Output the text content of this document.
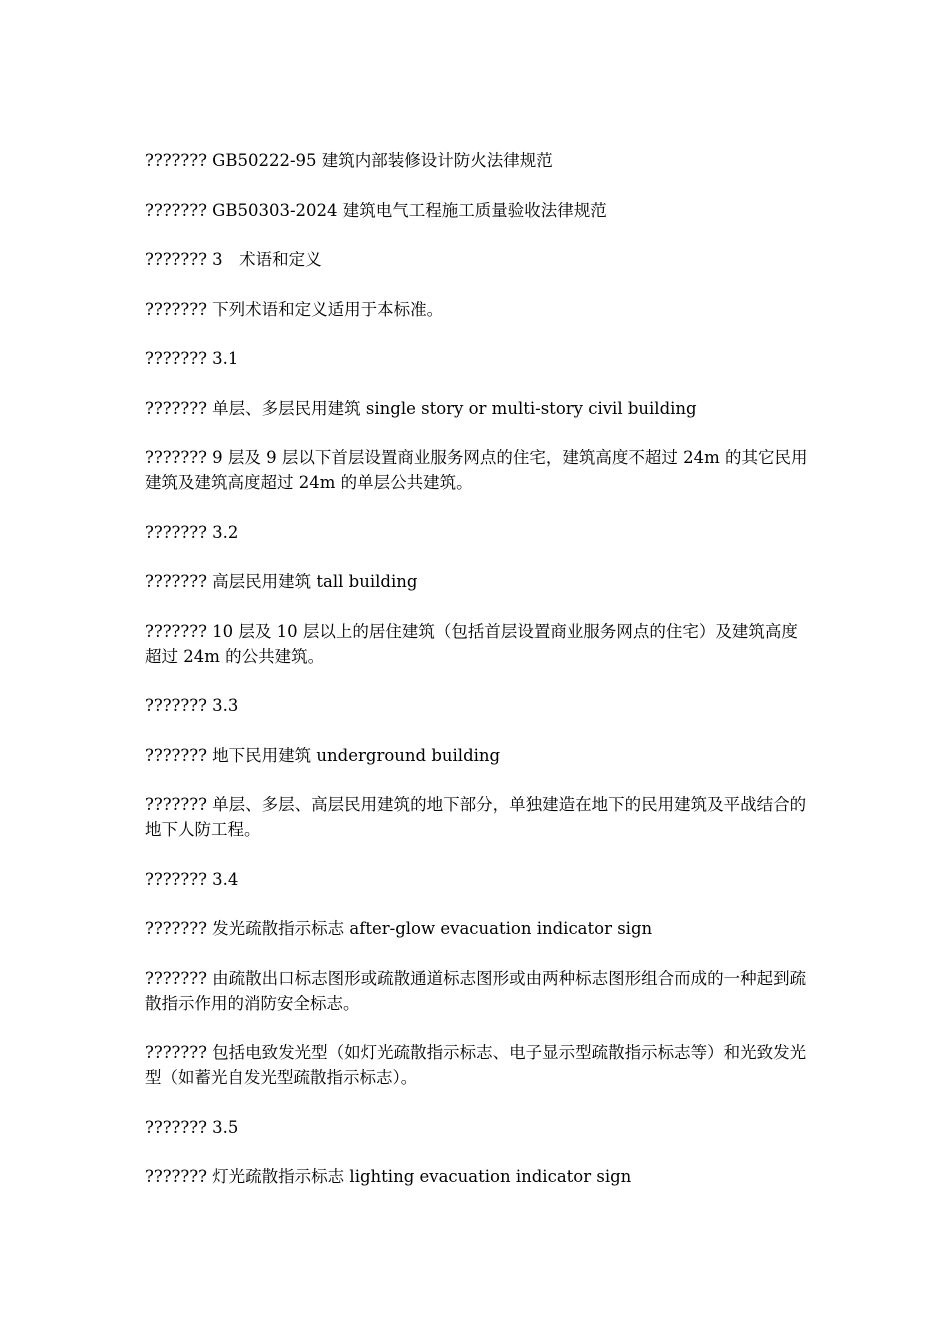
??????? GB50222-95 建筑内部装修设计防火法律规范

??????? GB50303-2024 建筑电气工程施工质量验收法律规范

??????? 3　术语和定义

??????? 下列术语和定义适用于本标准。

??????? 3.1

??????? 单层、多层民用建筑 single story or multi-story civil building

??????? 9 层及 9 层以下首层设置商业服务网点的住宅，建筑高度不超过 24m 的其它民用建筑及建筑高度超过 24m 的单层公共建筑。

??????? 3.2

??????? 高层民用建筑 tall building

??????? 10 层及 10 层以上的居住建筑（包括首层设置商业服务网点的住宅）及建筑高度超过 24m 的公共建筑。

??????? 3.3

??????? 地下民用建筑 underground building

??????? 单层、多层、高层民用建筑的地下部分，单独建造在地下的民用建筑及平战结合的地下人防工程。

??????? 3.4

??????? 发光疏散指示标志 after-glow evacuation indicator sign

??????? 由疏散出口标志图形或疏散通道标志图形或由两种标志图形组合而成的一种起到疏散指示作用的消防安全标志。

??????? 包括电致发光型（如灯光疏散指示标志、电子显示型疏散指示标志等）和光致发光型（如蓄光自发光型疏散指示标志）。

??????? 3.5

??????? 灯光疏散指示标志 lighting evacuation indicator sign
